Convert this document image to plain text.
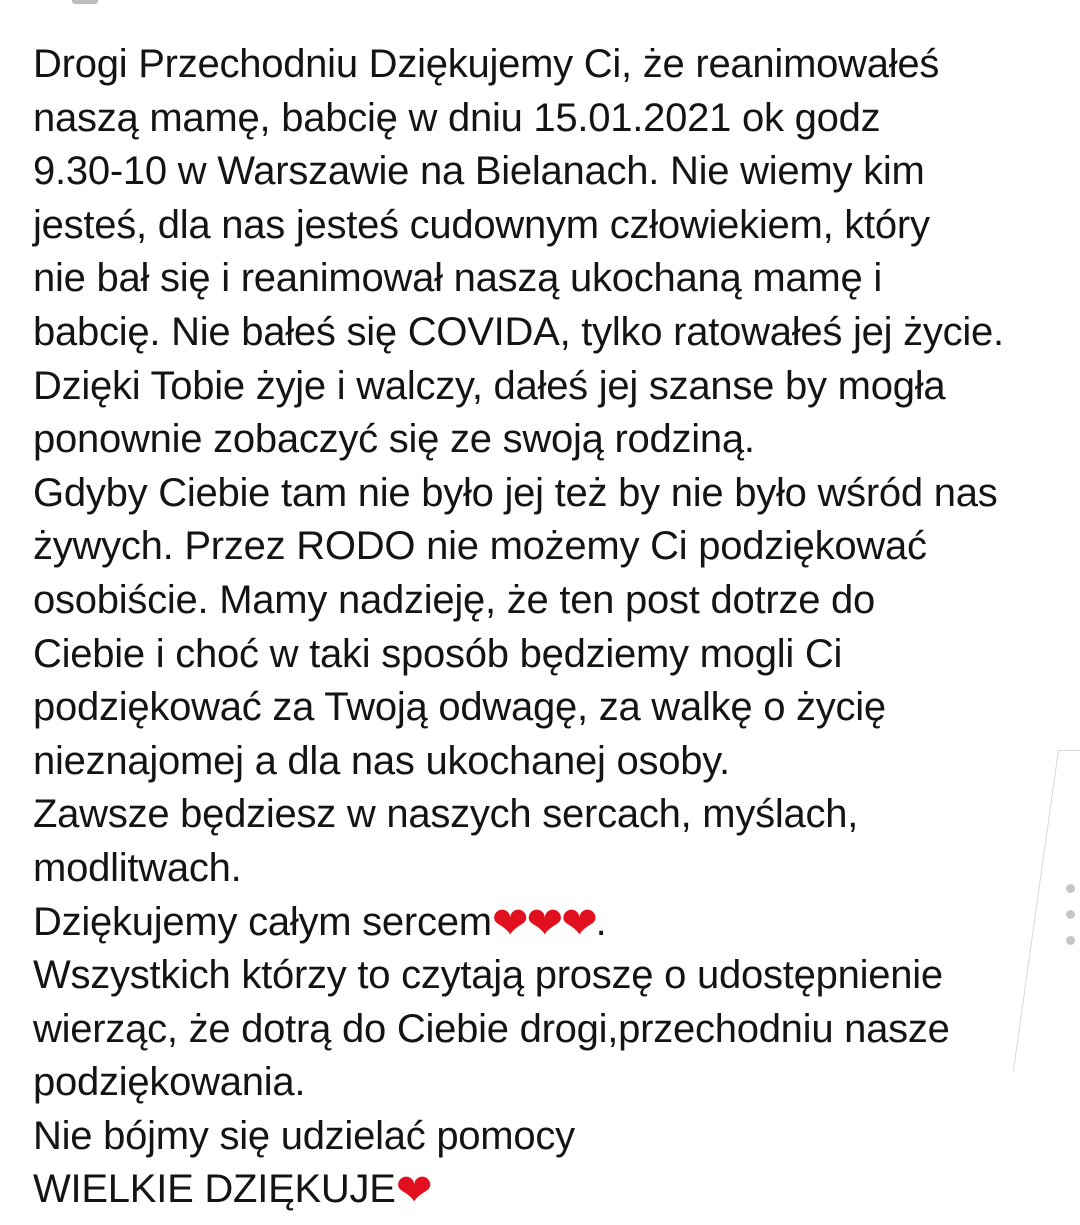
Drogi Przechodniu Dziękujemy Ci, że reanimowałeś
naszą mamę, babcię w dniu 15.01.2021 ok godz
9.30-10 w Warszawie na Bielanach. Nie wiemy kim
jesteś, dla nas jesteś cudownym człowiekiem, który
nie bał się i reanimował naszą ukochaną mamę i
babcię. Nie bałeś się COVIDA, tylko ratowałeś jej życie.
Dzięki Tobie żyje i walczy, dałeś jej szanse by mogła
ponownie zobaczyć się ze swoją rodziną.
Gdyby Ciebie tam nie było jej też by nie było wśród nas
żywych. Przez RODO nie możemy Ci podziękować
osobiście. Mamy nadzieję, że ten post dotrze do
Ciebie i choć w taki sposób będziemy mogli Ci
podziękować za Twoją odwagę, za walkę o życię
nieznajomej a dla nas ukochanej osoby.
Zawsze będziesz w naszych sercach, myślach,
modlitwach.
Dziękujemy całym sercem❤❤❤.
Wszystkich którzy to czytają proszę o udostępnienie
wierząc, że dotrą do Ciebie drogi,przechodniu nasze
podziękowania.
Nie bójmy się udzielać pomocy
WIELKIE DZIĘKUJE❤
